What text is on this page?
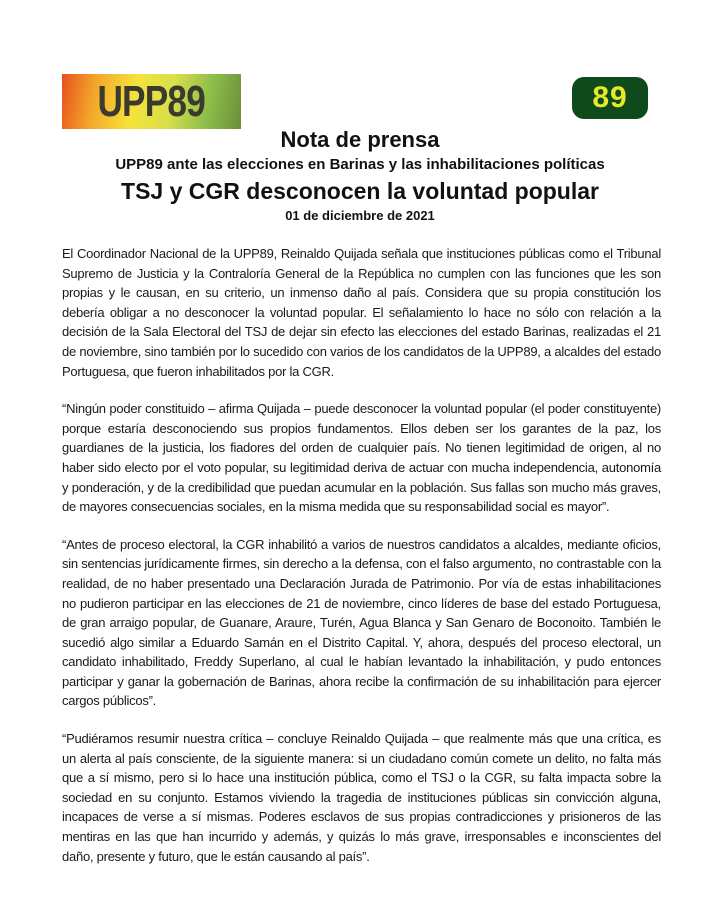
UPP89	89
Nota de prensa
UPP89 ante las elecciones en Barinas y las inhabilitaciones políticas
TSJ y CGR desconocen la voluntad popular
01 de diciembre de 2021

El Coordinador Nacional de la UPP89, Reinaldo Quijada señala que instituciones públicas como el Tribunal Supremo de Justicia y la Contraloría General de la República no cumplen con las funciones que les son propias y le causan, en su criterio, un inmenso daño al país. Considera que su propia constitución los debería obligar a no desconocer la voluntad popular. El señalamiento lo hace no sólo con relación a la decisión de la Sala Electoral del TSJ de dejar sin efecto las elecciones del estado Barinas, realizadas el 21 de noviembre, sino también por lo sucedido con varios de los candidatos de la UPP89, a alcaldes del estado Portuguesa, que fueron inhabilitados por la CGR.

“Ningún poder constituido – afirma Quijada – puede desconocer la voluntad popular (el poder constituyente) porque estaría desconociendo sus propios fundamentos. Ellos deben ser los garantes de la paz, los guardianes de la justicia, los fiadores del orden de cualquier país. No tienen legitimidad de origen, al no haber sido electo por el voto popular, su legitimidad deriva de actuar con mucha independencia, autonomía y ponderación, y de la credibilidad que puedan acumular en la población. Sus fallas son mucho más graves, de mayores consecuencias sociales, en la misma medida que su responsabilidad social es mayor”.

“Antes de proceso electoral, la CGR inhabilitó a varios de nuestros candidatos a alcaldes, mediante oficios, sin sentencias jurídicamente firmes, sin derecho a la defensa, con el falso argumento, no contrastable con la realidad, de no haber presentado una Declaración Jurada de Patrimonio. Por vía de estas inhabilitaciones no pudieron participar en las elecciones de 21 de noviembre, cinco líderes de base del estado Portuguesa, de gran arraigo popular, de Guanare, Araure, Turén, Agua Blanca y San Genaro de Boconoito. También le sucedió algo similar a Eduardo Samán en el Distrito Capital. Y, ahora, después del proceso electoral, un candidato inhabilitado, Freddy Superlano, al cual le habían levantado la inhabilitación, y pudo entonces participar y ganar la gobernación de Barinas, ahora recibe la confirmación de su inhabilitación para ejercer cargos públicos”.

“Pudiéramos resumir nuestra crítica – concluye Reinaldo Quijada – que realmente más que una crítica, es un alerta al país consciente, de la siguiente manera: si un ciudadano común comete un delito, no falta más que a sí mismo, pero si lo hace una institución pública, como el TSJ o la CGR, su falta impacta sobre la sociedad en su conjunto. Estamos viviendo la tragedia de instituciones públicas sin convicción alguna, incapaces de verse a sí mismas. Poderes esclavos de sus propias contradicciones y prisioneros de las mentiras en las que han incurrido y además, y quizás lo más grave, irresponsables e inconscientes del daño, presente y futuro, que le están causando al país”.
